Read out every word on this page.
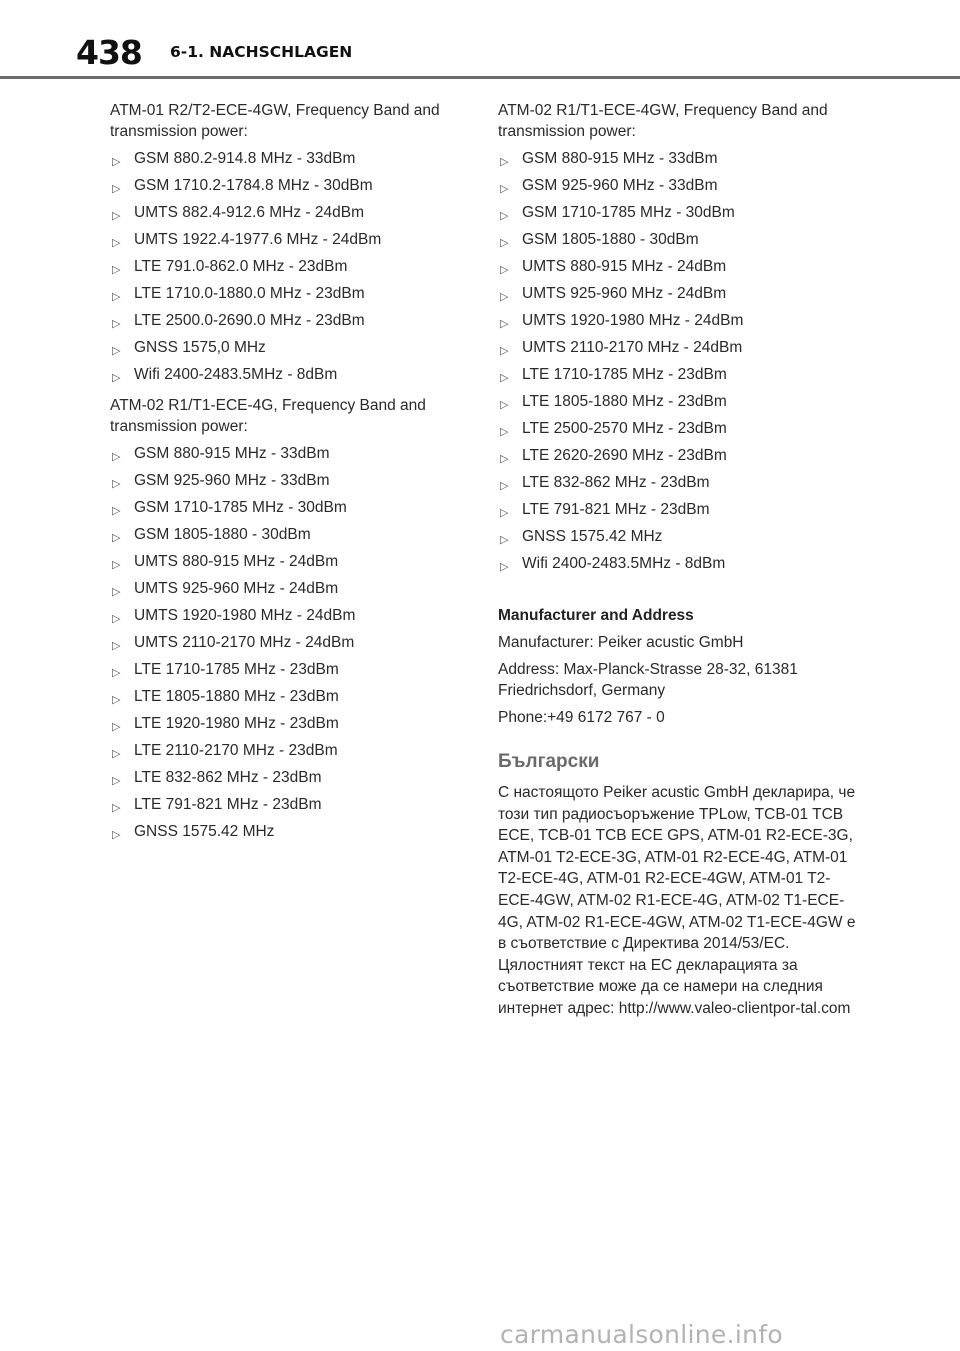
438 6-1. NACHSCHLAGEN

ATM-01 R2/T2-ECE-4GW, Frequency Band and transmission power:

▷ GSM 880.2-914.8 MHz - 33dBm
▷ GSM 1710.2-1784.8 MHz - 30dBm
▷ UMTS 882.4-912.6 MHz - 24dBm
▷ UMTS 1922.4-1977.6 MHz - 24dBm
▷ LTE 791.0-862.0 MHz - 23dBm
▷ LTE 1710.0-1880.0 MHz - 23dBm
▷ LTE 2500.0-2690.0 MHz - 23dBm
▷ GNSS 1575,0 MHz
▷ Wifi 2400-2483.5MHz - 8dBm

ATM-02 R1/T1-ECE-4G, Frequency Band and transmission power:

▷ GSM 880-915 MHz - 33dBm
▷ GSM 925-960 MHz - 33dBm
▷ GSM 1710-1785 MHz - 30dBm
▷ GSM 1805-1880 - 30dBm
▷ UMTS 880-915 MHz - 24dBm
▷ UMTS 925-960 MHz - 24dBm
▷ UMTS 1920-1980 MHz - 24dBm
▷ UMTS 2110-2170 MHz - 24dBm
▷ LTE 1710-1785 MHz - 23dBm
▷ LTE 1805-1880 MHz - 23dBm
▷ LTE 1920-1980 MHz - 23dBm
▷ LTE 2110-2170 MHz - 23dBm
▷ LTE 832-862 MHz - 23dBm
▷ LTE 791-821 MHz - 23dBm
▷ GNSS 1575.42 MHz

ATM-02 R1/T1-ECE-4GW, Frequency Band and transmission power:

▷ GSM 880-915 MHz - 33dBm
▷ GSM 925-960 MHz - 33dBm
▷ GSM 1710-1785 MHz - 30dBm
▷ GSM 1805-1880 - 30dBm
▷ UMTS 880-915 MHz - 24dBm
▷ UMTS 925-960 MHz - 24dBm
▷ UMTS 1920-1980 MHz - 24dBm
▷ UMTS 2110-2170 MHz - 24dBm
▷ LTE 1710-1785 MHz - 23dBm
▷ LTE 1805-1880 MHz - 23dBm
▷ LTE 2500-2570 MHz - 23dBm
▷ LTE 2620-2690 MHz - 23dBm
▷ LTE 832-862 MHz - 23dBm
▷ LTE 791-821 MHz - 23dBm
▷ GNSS 1575.42 MHz
▷ Wifi 2400-2483.5MHz - 8dBm
Manufacturer and Address

Manufacturer: Peiker acustic GmbH

Address: Max-Planck-Strasse 28-32, 61381 Friedrichsdorf, Germany

Phone:+49 6172 767 - 0

Български

С настоящото Peiker acustic GmbH декларира, че този тип радиосъоръжение TPLow, TCB-01 TCB ECE, TCB-01 TCB ECE GPS, ATM-01 R2-ECE-3G, ATM-01 T2-ECE-3G, ATM-01 R2-ECE-4G, ATM-01 T2-ECE-4G, ATM-01 R2-ECE-4GW, ATM-01 T2-ECE-4GW, ATM-02 R1-ECE-4G, ATM-02 T1-ECE-4G, ATM-02 R1-ECE-4GW, ATM-02 T1-ECE-4GW е в съответствие с Директива 2014/53/ЕС. Цялостният текст на ЕС декларацията за съответствие може да се намери на следния интернет адрес: http://www.valeo-clientpor-tal.com

carmanualsonline.info
